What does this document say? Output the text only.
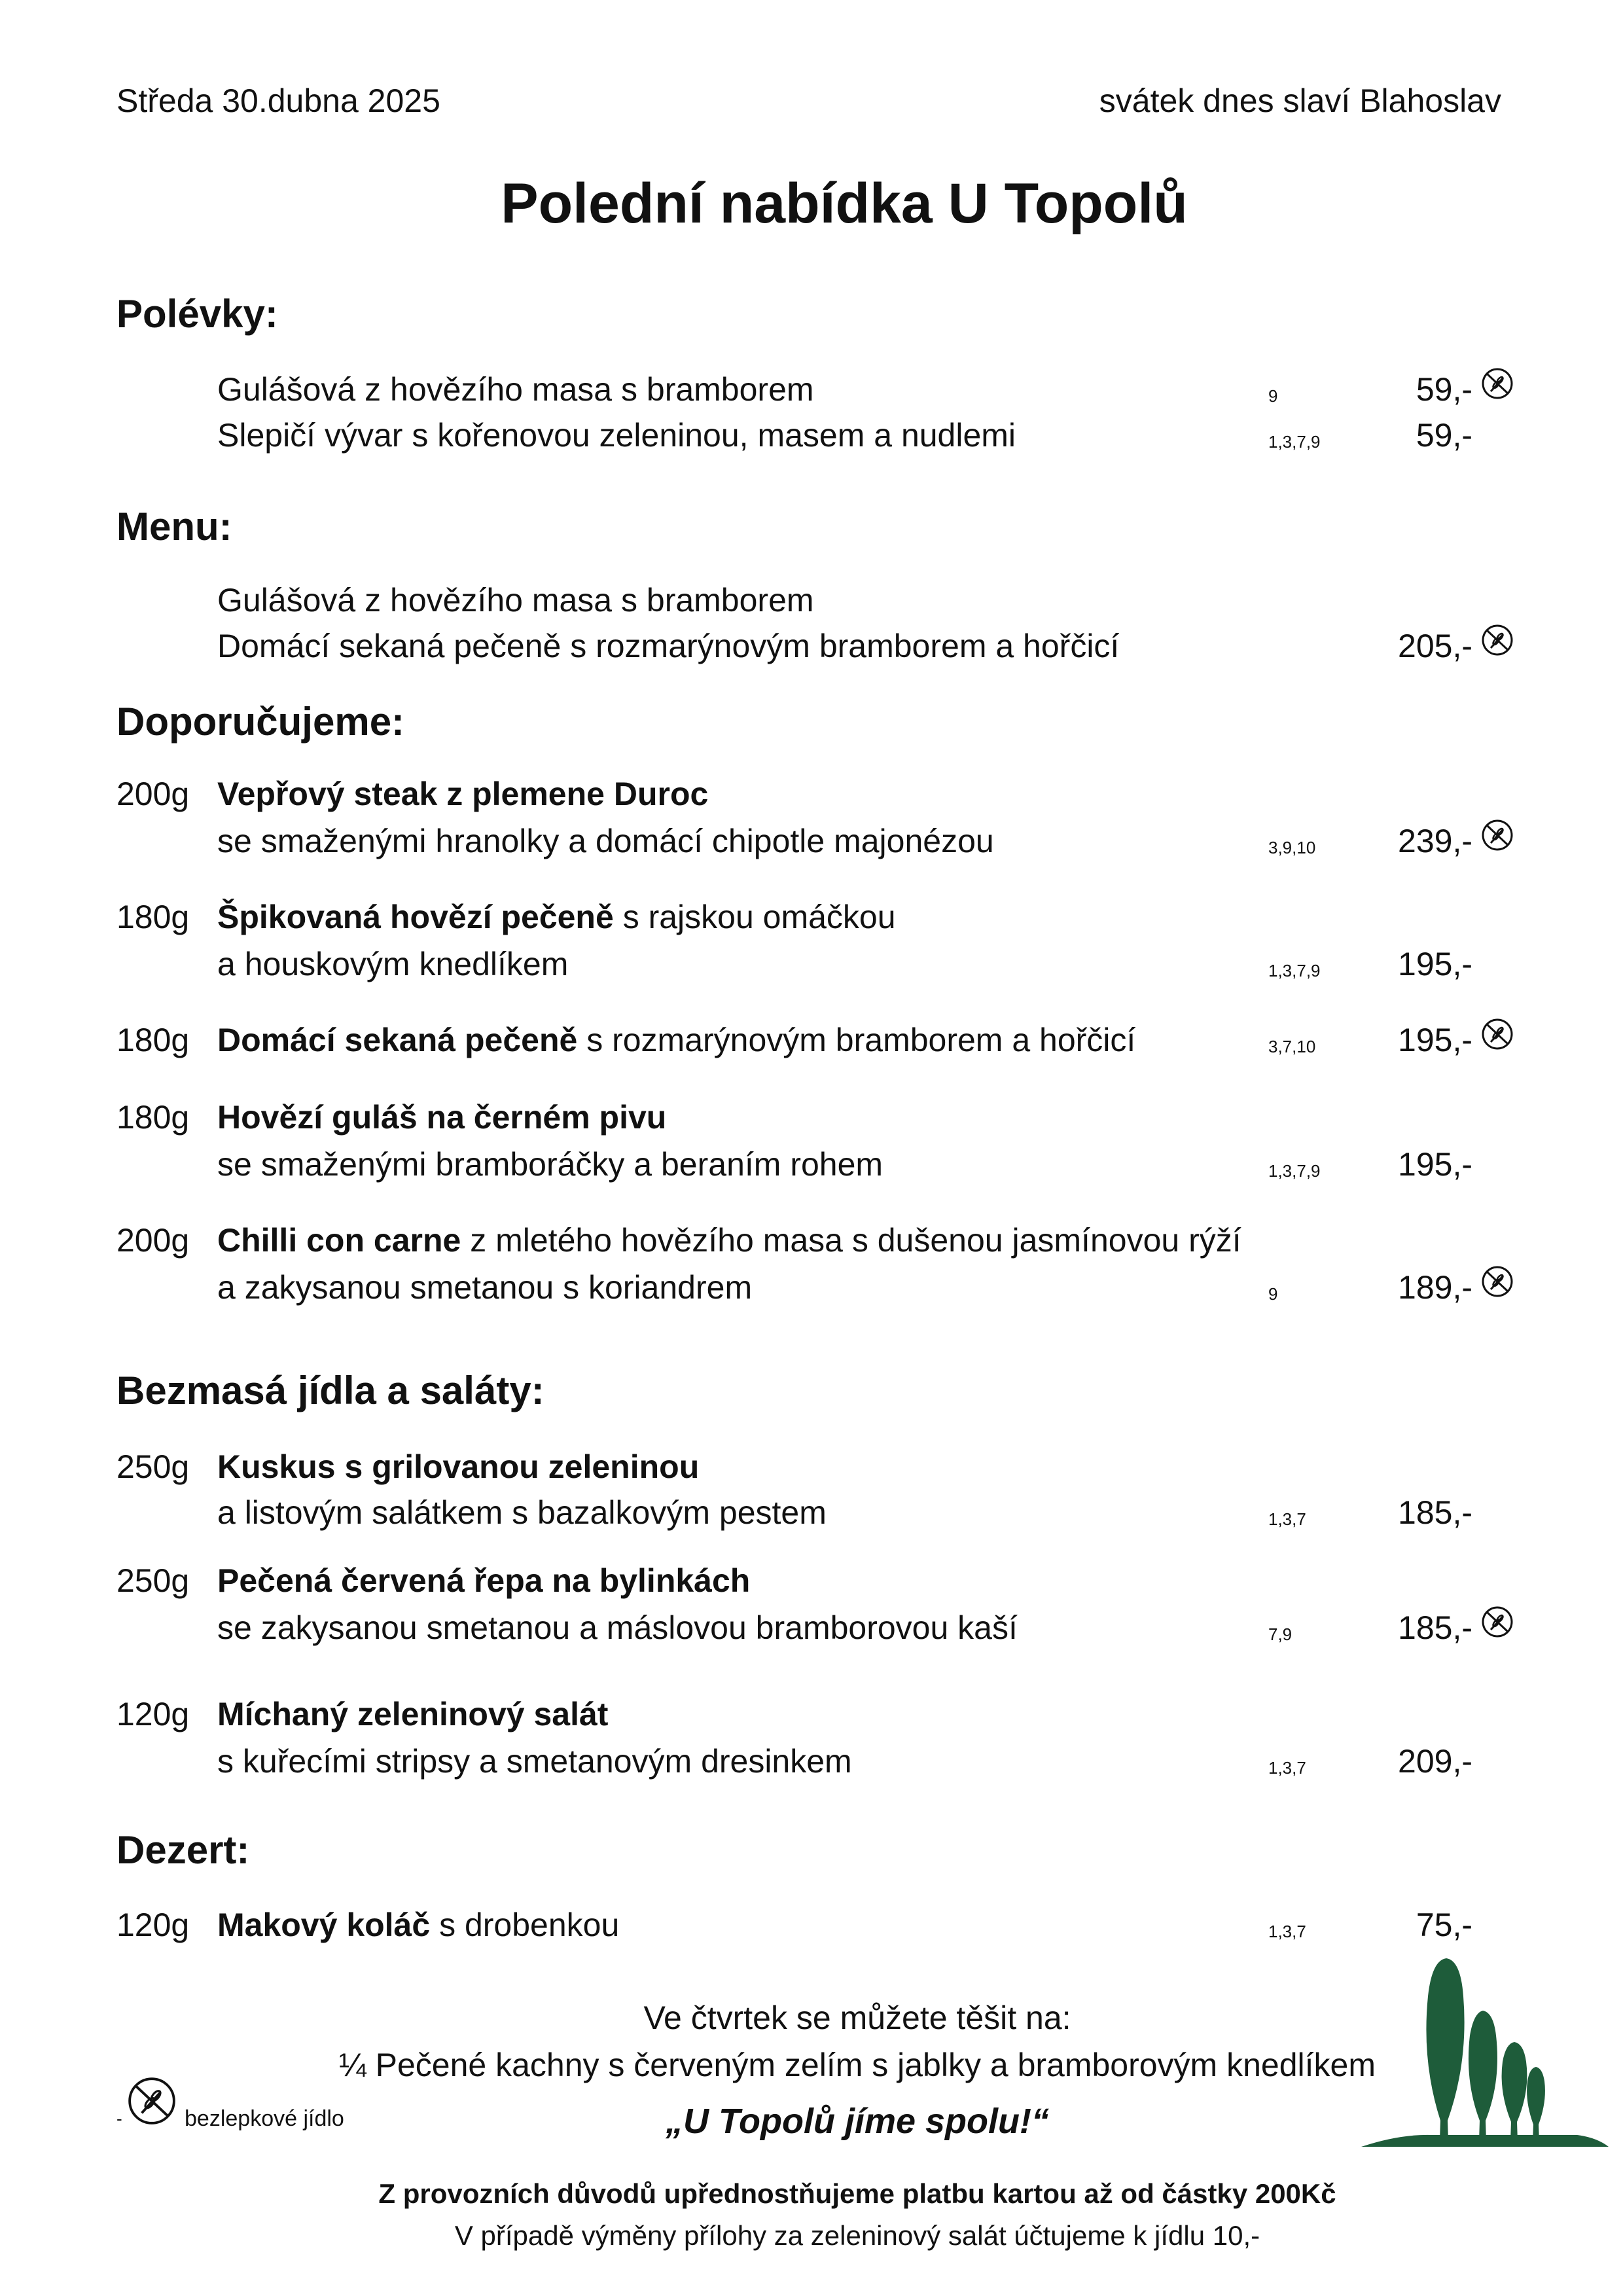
Středa 30.dubna 2025	svátek dnes slaví Blahoslav
Polední nabídka U Topolů
Polévky:
Gulášová z hovězího masa s bramborem	9	59,-
Slepičí vývar s kořenovou zeleninou, masem a nudlemi	1,3,7,9	59,-
Menu:
Gulášová z hovězího masa s bramborem
Domácí sekaná pečeně s rozmarýnovým bramborem a hořčicí	205,-
Doporučujeme:
200g Vepřový steak z plemene Duroc
se smaženými hranolky a domácí chipotle majonézou	3,9,10	239,-
180g Špikovaná hovězí pečeně s rajskou omáčkou
a houskovým knedlíkem	1,3,7,9	195,-
180g Domácí sekaná pečeně s rozmarýnovým bramborem a hořčicí	3,7,10	195,-
180g Hovězí guláš na černém pivu
se smaženými bramboráčky a beraním rohem	1,3,7,9	195,-
200g Chilli con carne z mletého hovězího masa s dušenou jasmínovou rýží
a zakysanou smetanou s koriandrem	9	189,-
Bezmasá jídla a saláty:
250g Kuskus s grilovanou zeleninou
a listovým salátkem s bazalkovým pestem	1,3,7	185,-
250g Pečená červená řepa na bylinkách
se zakysanou smetanou a máslovou bramborovou kaší	7,9	185,-
120g Míchaný zeleninový salát
s kuřecími stripsy a smetanovým dresinkem	1,3,7	209,-
Dezert:
120g Makový koláč s drobenkou	1,3,7	75,-
Ve čtvrtek se můžete těšit na:
¼ Pečené kachny s červeným zelím s jablky a bramborovým knedlíkem
-	bezlepkové jídlo	„U Topolů jíme spolu!“
Z provozních důvodů upřednostňujeme platbu kartou až od částky 200Kč
V případě výměny přílohy za zeleninový salát účtujeme k jídlu 10,-
